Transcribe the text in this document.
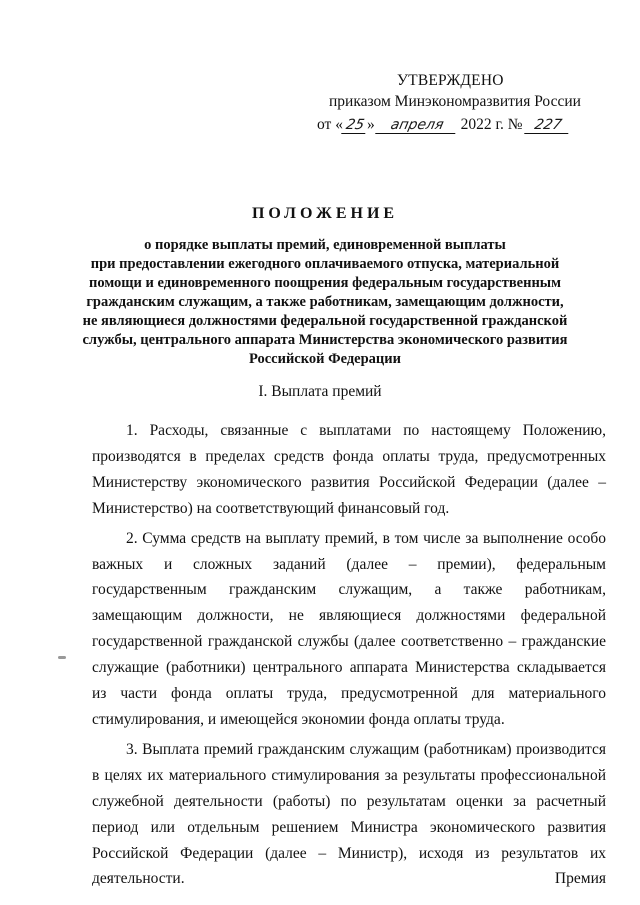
УТВЕРЖДЕНО
приказом Минэкономразвития России
от «25» апреля 2022 г. № 227
ПОЛОЖЕНИЕ
о порядке выплаты премий, единовременной выплаты
при предоставлении ежегодного оплачиваемого отпуска, материальной
помощи и единовременного поощрения федеральным государственным
гражданским служащим, а также работникам, замещающим должности,
не являющиеся должностями федеральной государственной гражданской
службы, центрального аппарата Министерства экономического развития
Российской Федерации
I. Выплата премий

1. Расходы, связанные с выплатами по настоящему Положению, производятся в пределах средств фонда оплаты труда, предусмотренных Министерству экономического развития Российской Федерации (далее – Министерство) на соответствующий финансовый год.

2. Сумма средств на выплату премий, в том числе за выполнение особо важных и сложных заданий (далее – премии), федеральным государственным гражданским служащим, а также работникам, замещающим должности, не являющиеся должностями федеральной государственной гражданской службы (далее соответственно – гражданские служащие (работники) центрального аппарата Министерства складывается из части фонда оплаты труда, предусмотренной для материального стимулирования, и имеющейся экономии фонда оплаты труда.

3. Выплата премий гражданским служащим (работникам) производится в целях их материального стимулирования за результаты профессиональной служебной деятельности (работы) по результатам оценки за расчетный период или отдельным решением Министра экономического развития Российской Федерации (далее – Министр), исходя из результатов их деятельности. Премия
